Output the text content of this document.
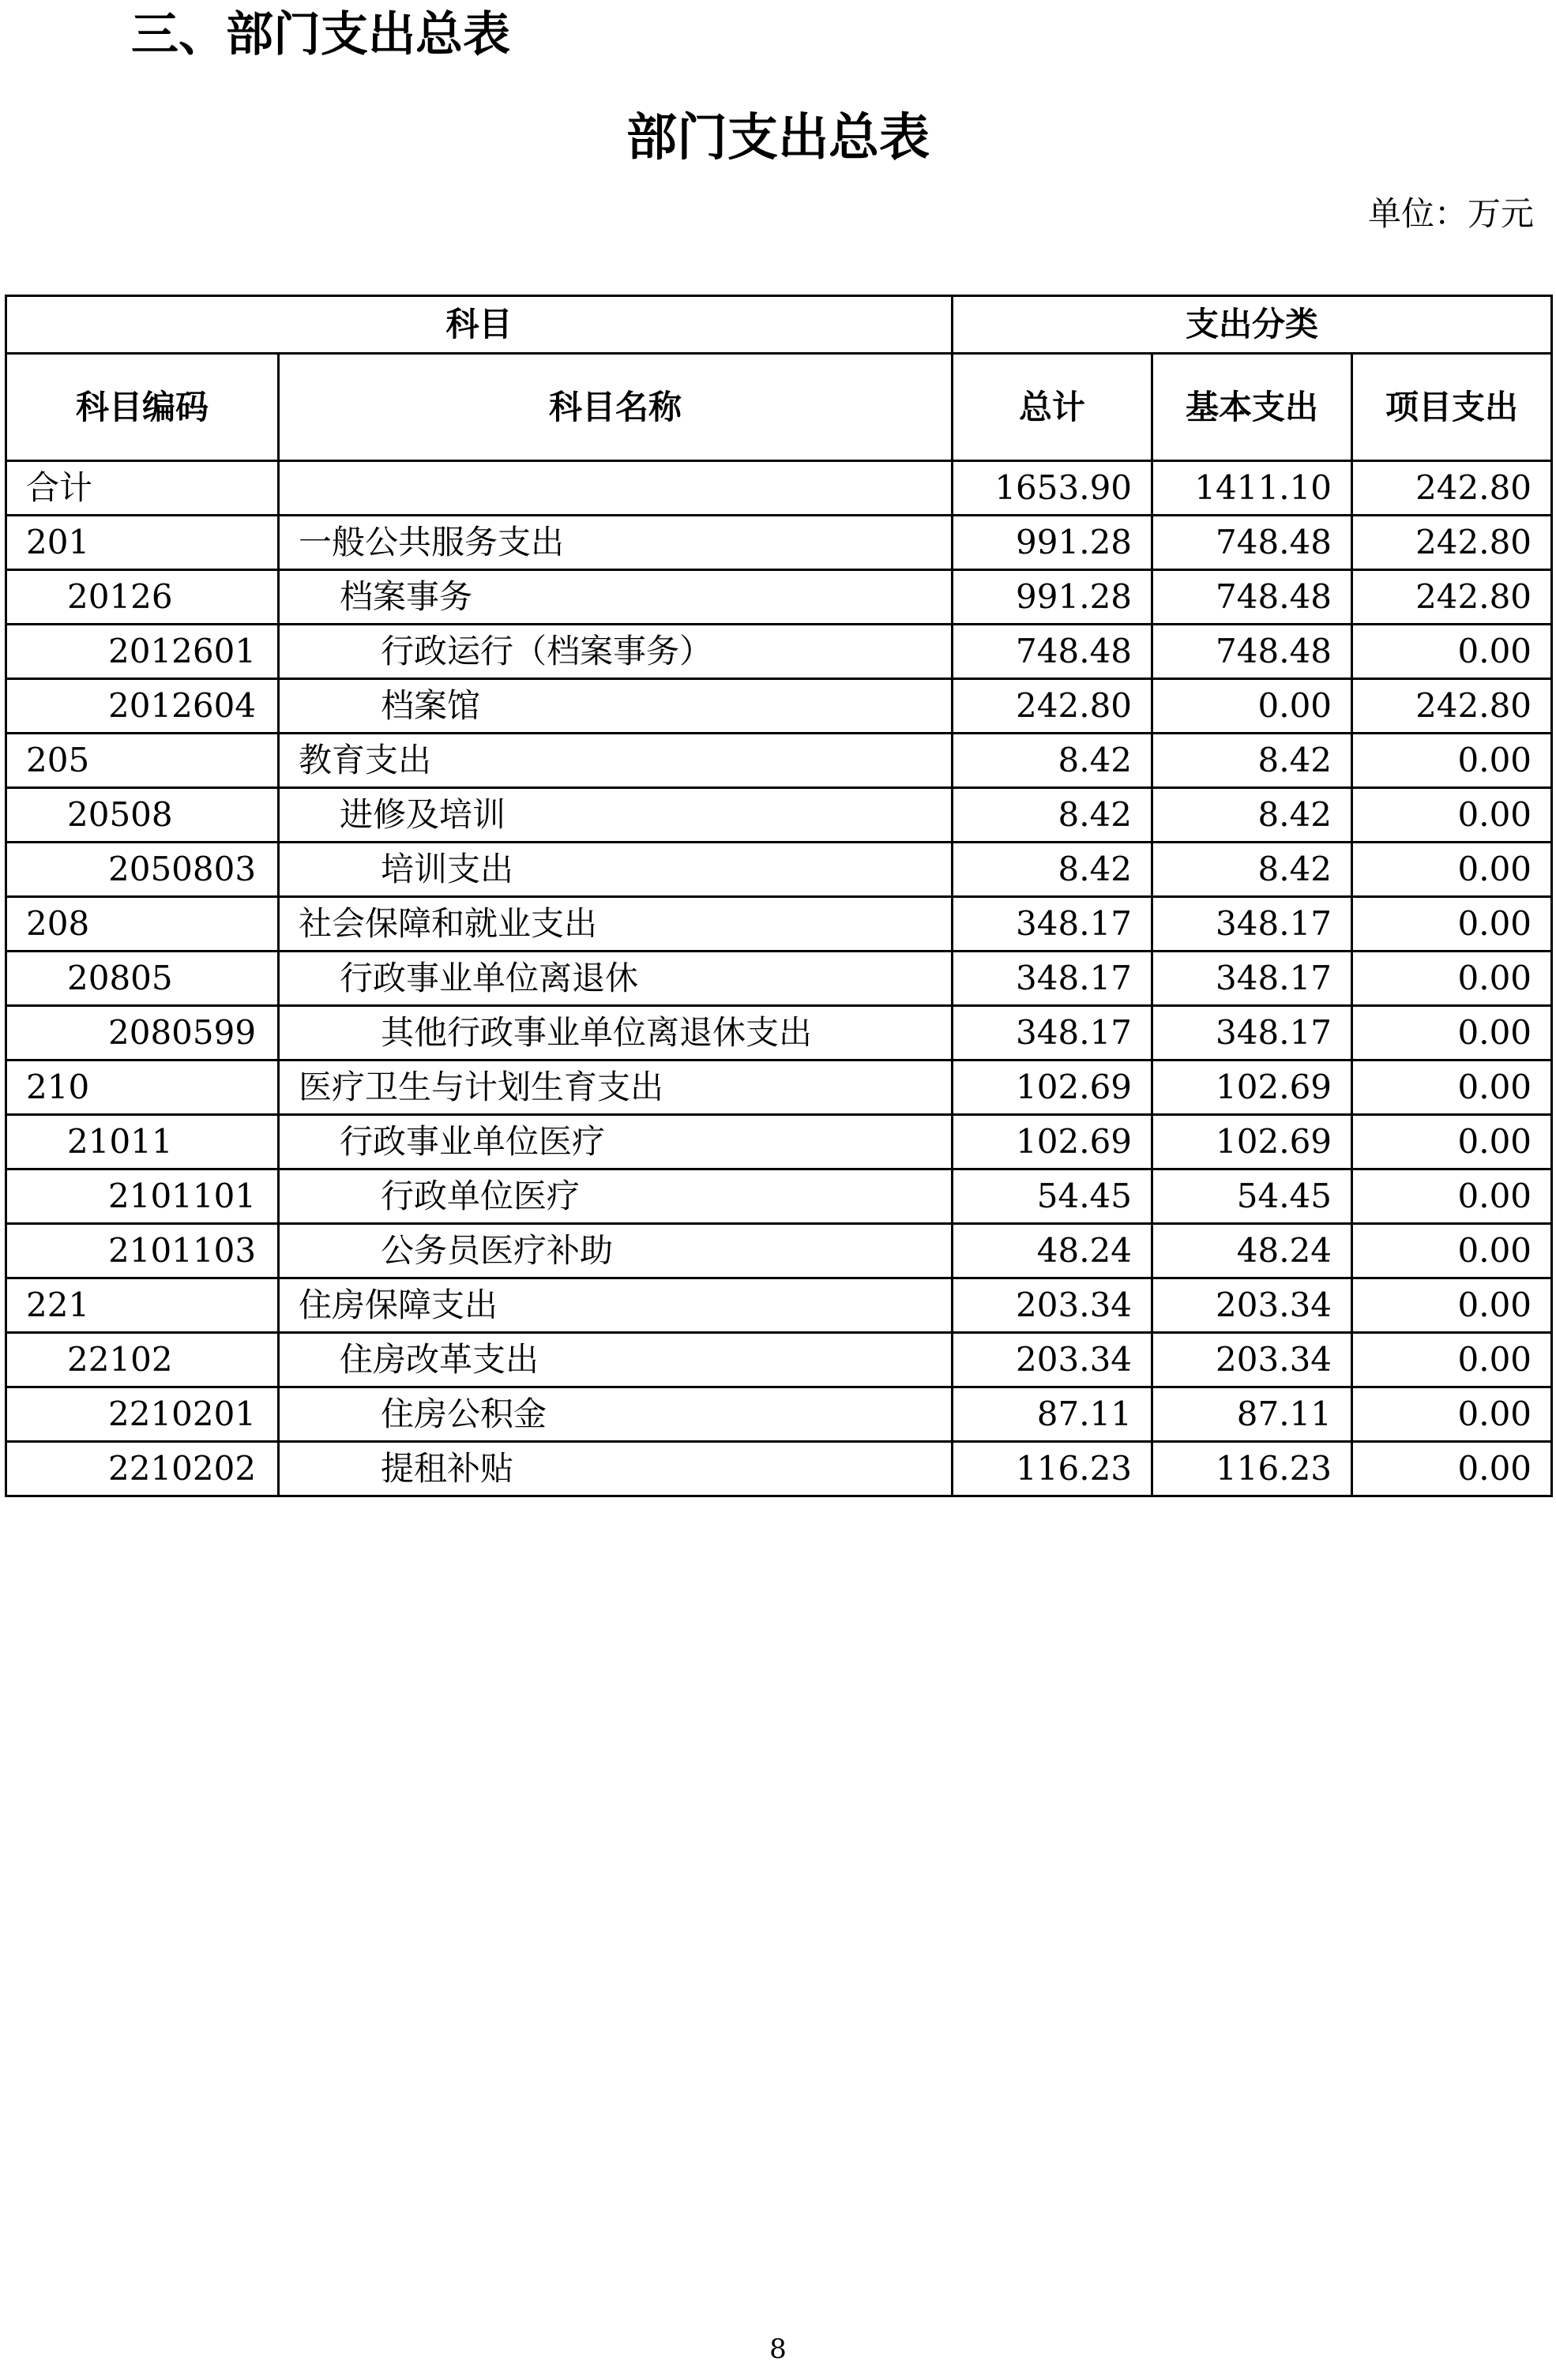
三、部门支出总表
部门支出总表
单位：万元
科目		支出分类		
科目编码	科目名称	总计	基本支出	项目支出
合计		1653.90	1411.10	242.80
201	一般公共服务支出	991.28	748.48	242.80
20126	档案事务	991.28	748.48	242.80
2012601	行政运行（档案事务）	748.48	748.48	0.00
2012604	档案馆	242.80	0.00	242.80
205	教育支出	8.42	8.42	0.00
20508	进修及培训	8.42	8.42	0.00
2050803	培训支出	8.42	8.42	0.00
208	社会保障和就业支出	348.17	348.17	0.00
20805	行政事业单位离退休	348.17	348.17	0.00
2080599	其他行政事业单位离退休支出	348.17	348.17	0.00
210	医疗卫生与计划生育支出	102.69	102.69	0.00
21011	行政事业单位医疗	102.69	102.69	0.00
2101101	行政单位医疗	54.45	54.45	0.00
2101103	公务员医疗补助	48.24	48.24	0.00
221	住房保障支出	203.34	203.34	0.00
22102	住房改革支出	203.34	203.34	0.00
2210201	住房公积金	87.11	87.11	0.00
2210202	提租补贴	116.23	116.23	0.00
8
